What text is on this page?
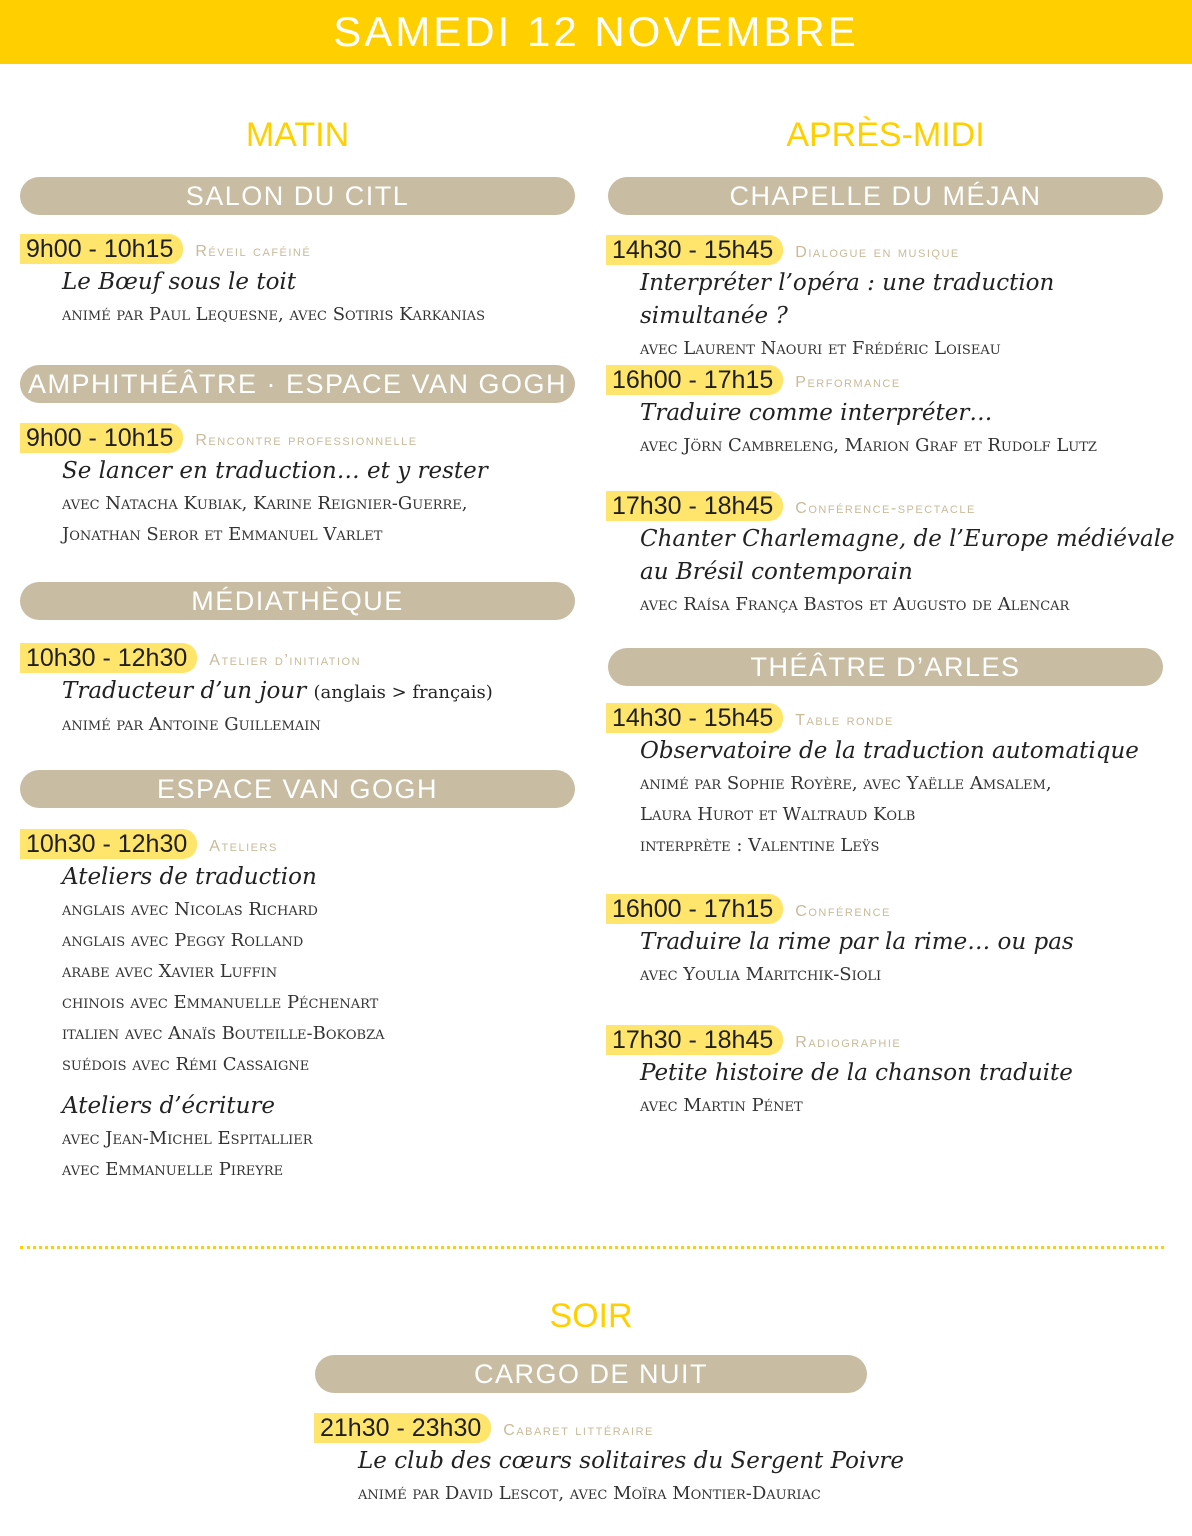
SAMEDI 12 NOVEMBRE
MATIN	APRÈS-MIDI
SALON DU CITL
9h00 - 10h15	Réveil caféiné
Le Bœuf sous le toit
animé par Paul Lequesne, avec Sotiris Karkanias
AMPHITHÉÂTRE · ESPACE VAN GOGH
9h00 - 10h15	Rencontre professionnelle
Se lancer en traduction… et y rester
avec Natacha Kubiak, Karine Reignier-Guerre,
Jonathan Seror et Emmanuel Varlet
MÉDIATHÈQUE
10h30 - 12h30	Atelier d’initiation
Traducteur d’un jour (anglais > français)
animé par Antoine Guillemain
ESPACE VAN GOGH
10h30 - 12h30	Ateliers
Ateliers de traduction
anglais avec Nicolas Richard
anglais avec Peggy Rolland
arabe avec Xavier Luffin
chinois avec Emmanuelle Péchenart
italien avec Anaïs Bouteille-Bokobza
suédois avec Rémi Cassaigne
Ateliers d’écriture
avec Jean-Michel Espitallier
avec Emmanuelle Pireyre
CHAPELLE DU MÉJAN
14h30 - 15h45	Dialogue en musique
Interpréter l’opéra : une traduction simultanée ?
avec Laurent Naouri et Frédéric Loiseau
16h00 - 17h15	Performance
Traduire comme interpréter…
avec Jörn Cambreleng, Marion Graf et Rudolf Lutz
17h30 - 18h45	Conférence-spectacle
Chanter Charlemagne, de l’Europe médiévale
au Brésil contemporain
avec Raísa França Bastos et Augusto de Alencar
THÉÂTRE D’ARLES
14h30 - 15h45	Table ronde
Observatoire de la traduction automatique
animé par Sophie Royère, avec Yaëlle Amsalem,
Laura Hurot et Waltraud Kolb
interprète : Valentine Leÿs
16h00 - 17h15	Conférence
Traduire la rime par la rime… ou pas
avec Youlia Maritchik-Sioli
17h30 - 18h45	Radiographie
Petite histoire de la chanson traduite
avec Martin Pénet
SOIR
CARGO DE NUIT
21h30 - 23h30	Cabaret littéraire
Le club des cœurs solitaires du Sergent Poivre
animé par David Lescot, avec Moïra Montier-Dauriac
